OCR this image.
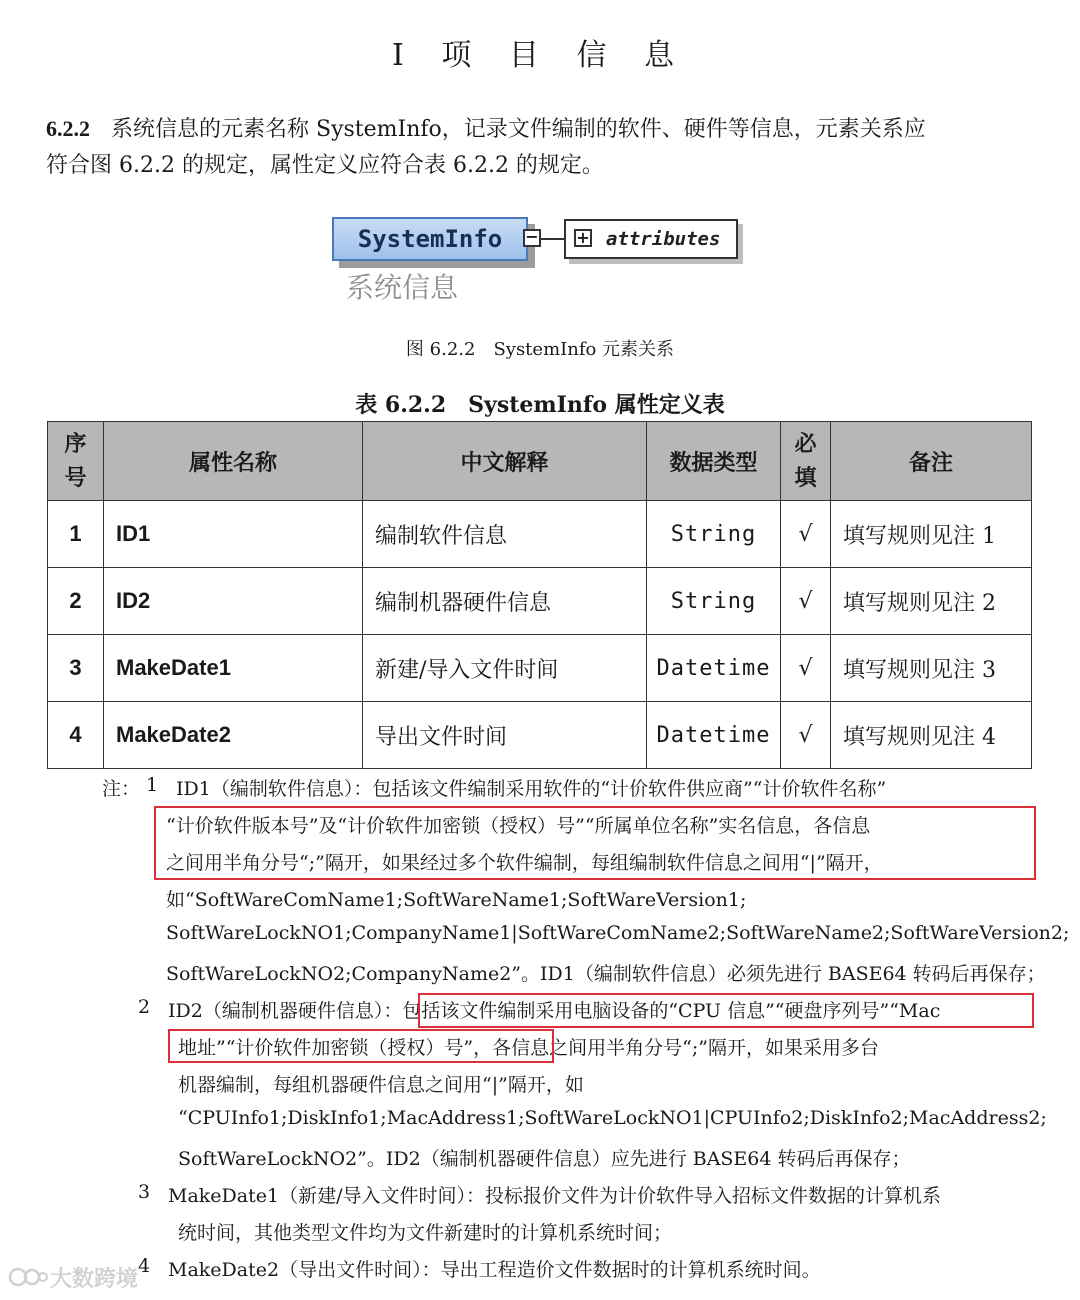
I 项 目 信 息
6.2.2 系统信息的元素名称 SystemInfo，记录文件编制的软件、硬件等信息，元素关系应
符合图 6.2.2 的规定，属性定义应符合表 6.2.2 的规定。
SystemInfo	−	attributes
+
系统信息
图 6.2.2　SystemInfo 元素关系
表 6.2.2　SystemInfo 属性定义表
序号	属性名称	中文解释	数据类型	必填	备注
1	ID1	编制软件信息	String	√	填写规则见注 1
2	ID2	编制机器硬件信息	String	√	填写规则见注 2
3	MakeDate1	新建/导入文件时间	Datetime	√	填写规则见注 3
4	MakeDate2	导出文件时间	Datetime	√	填写规则见注 4
注： 1 ID1（编制软件信息）：包括该文件编制采用软件的“计价软件供应商”“计价软件名称”
“计价软件版本号”及“计价软件加密锁（授权）号”“所属单位名称”实名信息，各信息
之间用半角分号“;”隔开，如果经过多个软件编制，每组编制软件信息之间用“|”隔开，
如“SoftWareComName1;SoftWareName1;SoftWareVersion1;
SoftWareLockNO1;CompanyName1|SoftWareComName2;SoftWareName2;SoftWareVersion2;
SoftWareLockNO2;CompanyName2”。ID1（编制软件信息）必须先进行 BASE64 转码后再保存；
2 ID2（编制机器硬件信息）：包括该文件编制采用电脑设备的“CPU 信息”“硬盘序列号”“Mac
地址”“计价软件加密锁（授权）号”，各信息之间用半角分号“;”隔开，如果采用多台
机器编制，每组机器硬件信息之间用“|”隔开，如
“CPUInfo1;DiskInfo1;MacAddress1;SoftWareLockNO1|CPUInfo2;DiskInfo2;MacAddress2;
SoftWareLockNO2”。ID2（编制机器硬件信息）应先进行 BASE64 转码后再保存；
3 MakeDate1（新建/导入文件时间）：投标报价文件为计价软件导入招标文件数据的计算机系
统时间，其他类型文件均为文件新建时的计算机系统时间；
4 MakeDate2（导出文件时间）：导出工程造价文件数据时的计算机系统时间。
大数跨境
